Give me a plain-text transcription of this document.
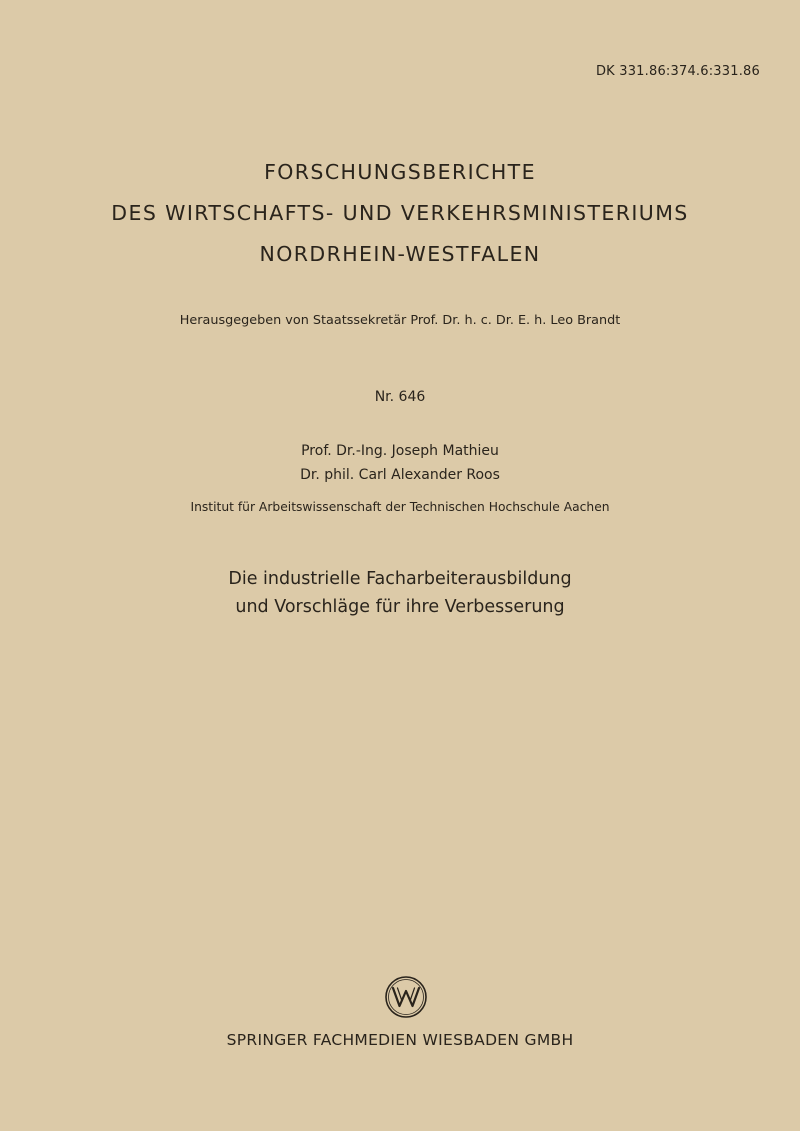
DK 331.86:374.6:331.86
FORSCHUNGSBERICHTE
DES WIRTSCHAFTS- UND VERKEHRSMINISTERIUMS
NORDRHEIN-WESTFALEN
Herausgegeben von Staatssekretär Prof. Dr. h. c. Dr. E. h. Leo Brandt
Nr. 646
Prof. Dr.-Ing. Joseph Mathieu
Dr. phil. Carl Alexander Roos
Institut für Arbeitswissenschaft der Technischen Hochschule Aachen
Die industrielle Facharbeiterausbildung
und Vorschläge für ihre Verbesserung
SPRINGER FACHMEDIEN WIESBADEN GMBH
